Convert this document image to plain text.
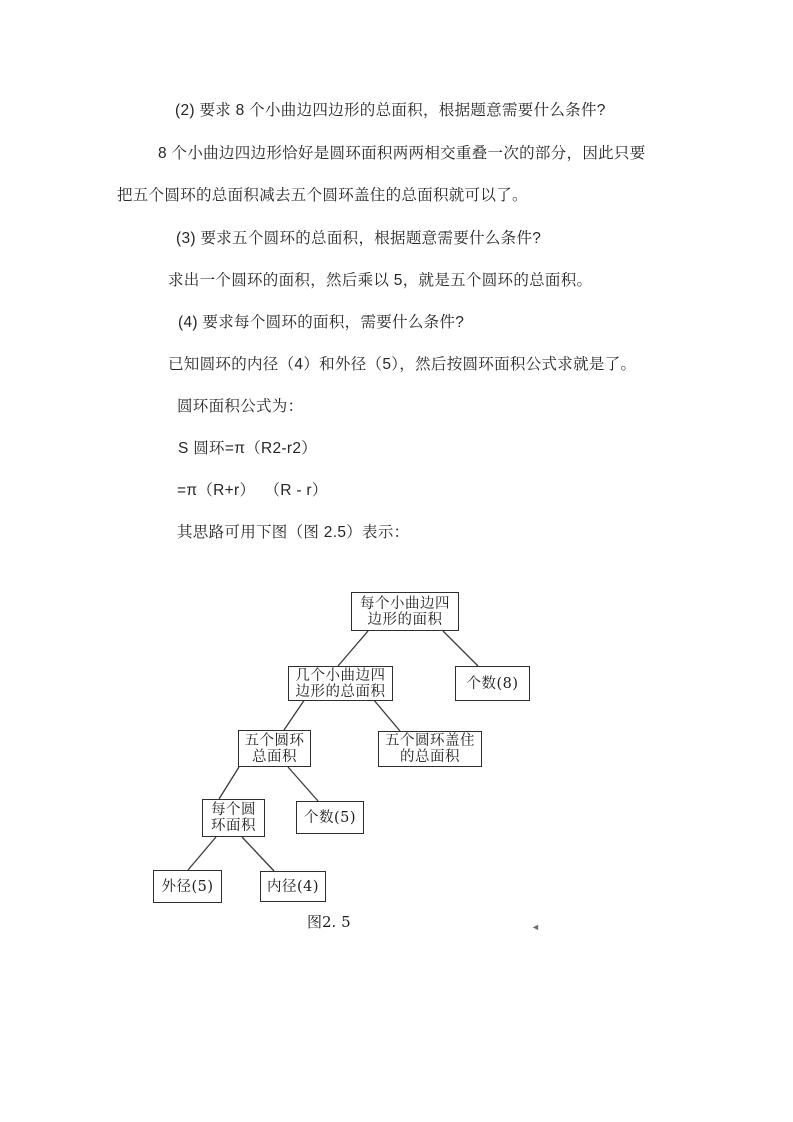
(2) 要求 8 个小曲边四边形的总面积，根据题意需要什么条件?

8 个小曲边四边形恰好是圆环面积两两相交重叠一次的部分，因此只要

把五个圆环的总面积减去五个圆环盖住的总面积就可以了。

(3) 要求五个圆环的总面积，根据题意需要什么条件?

求出一个圆环的面积，然后乘以 5，就是五个圆环的总面积。

(4) 要求每个圆环的面积，需要什么条件?

已知圆环的内径（4）和外径（5），然后按圆环面积公式求就是了。

圆环面积公式为：

S 圆环=π（R2-r2）

=π（R+r）  （R - r）

其思路可用下图（图 2.5）表示：

每个小曲边四
边形的面积
几个小曲边四
边形的总面积	个数(8)
五个圆环
总面积
五个圆环盖住
的总面积
每个圆
环面积
个数(5)
外径(5)	内径(4)
图2. 5	◄
